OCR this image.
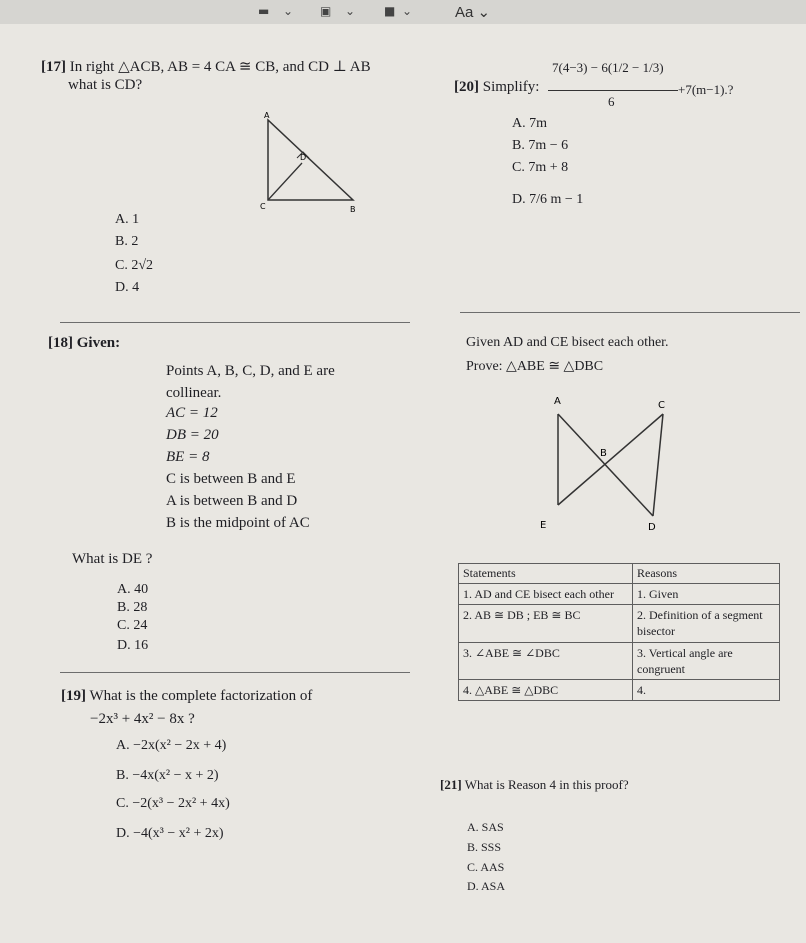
▬ ⌄ ▣ ⌄ ■ ⌄	Aa ⌄
[17] In right △ACB, AB = 4 CA ≅ CB, and CD ⊥ AB
what is CD?
A
D
C	B
A. 1
B. 2
C. 2√2
D. 4
[20] Simplify:
7(4−3) − 6(1/2 − 1/3)
6
+7(m−1).?
A. 7m
B. 7m − 6
C. 7m + 8
D. 7/6 m − 1
[18] Given:
Points A, B, C, D, and E are
collinear.
AC = 12
DB = 20
BE = 8
C is between B and E
A is between B and D
B is the midpoint of AC
What is DE ?
A. 40
B. 28
C. 24
D. 16
Given AD and CE bisect each other.
Prove: △ABE ≅ △DBC
A	C
B
E	D
Statements	Reasons
1. AD and CE bisect each other	1. Given
2. AB ≅ DB ; EB ≅ BC	2. Definition of a segment bisector
3. ∠ABE ≅ ∠DBC	3. Vertical angle are congruent
4. △ABE ≅ △DBC	4.
[19] What is the complete factorization of
−2x³ + 4x² − 8x ?
A. −2x(x² − 2x + 4)
B. −4x(x² − x + 2)
C. −2(x³ − 2x² + 4x)
D. −4(x³ − x² + 2x)
[21] What is Reason 4 in this proof?
A. SAS
B. SSS
C. AAS
D. ASA
